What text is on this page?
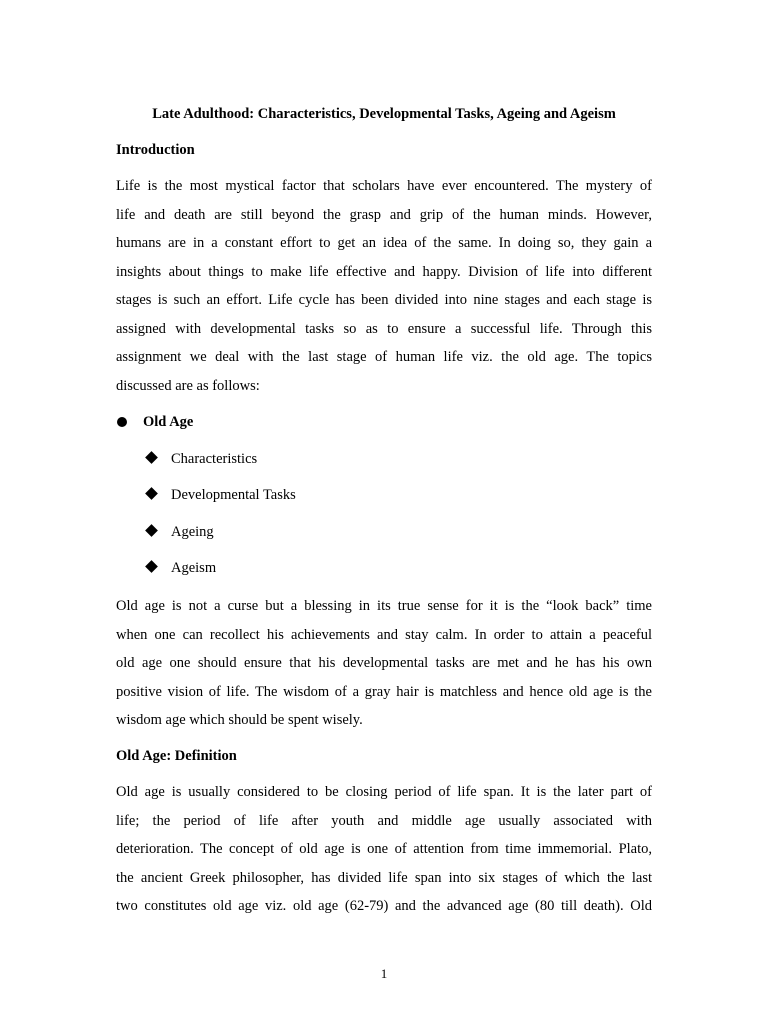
Late Adulthood: Characteristics, Developmental Tasks, Ageing and Ageism
Introduction
Life is the most mystical factor that scholars have ever encountered. The mystery of
life and death are still beyond the grasp and grip of the human minds. However,
humans are in a constant effort to get an idea of the same. In doing so, they gain a
insights about things to make life effective and happy. Division of life into different
stages is such an effort. Life cycle has been divided into nine stages and each stage is
assigned with developmental tasks so as to ensure a successful life. Through this
assignment we deal with the last stage of human life viz. the old age. The topics
discussed are as follows:
Old Age
Characteristics
Developmental Tasks
Ageing
Ageism
Old age is not a curse but a blessing in its true sense for it is the “look back” time
when one can recollect his achievements and stay calm. In order to attain a peaceful
old age one should ensure that his developmental tasks are met and he has his own
positive vision of life. The wisdom of a gray hair is matchless and hence old age is the
wisdom age which should be spent wisely.
Old Age: Definition
Old age is usually considered to be closing period of life span. It is the later part of
life; the period of life after youth and middle age usually associated with
deterioration. The concept of old age is one of attention from time immemorial. Plato,
the ancient Greek philosopher, has divided life span into six stages of which the last
two constitutes old age viz. old age (62-79) and the advanced age (80 till death). Old
1
